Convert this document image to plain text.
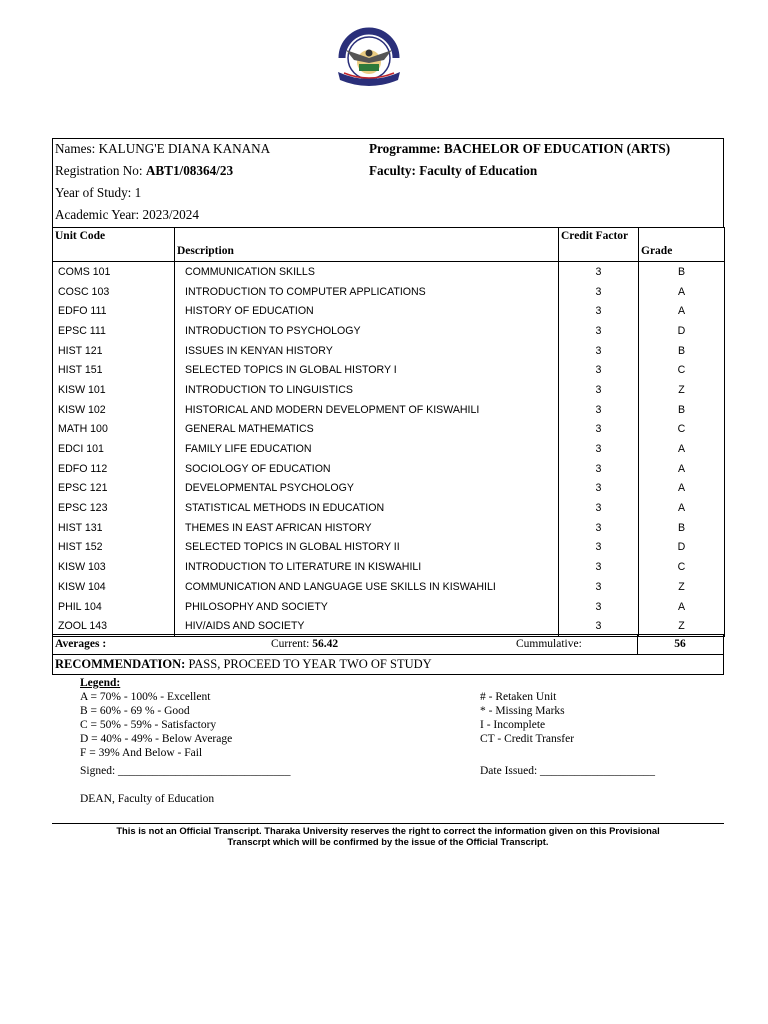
Names: KALUNG'E DIANA KANANA
Registration No: ABT1/08364/23
Year of Study: 1
Academic Year: 2023/2024
Programme: BACHELOR OF EDUCATION (ARTS)
Faculty: Faculty of Education
Unit Code	Description	Credit Factor	Grade

COMS 101	COMMUNICATION SKILLS	3	B
COSC 103	INTRODUCTION TO COMPUTER APPLICATIONS	3	A
EDFO 111	HISTORY OF EDUCATION	3	A
EPSC 111	INTRODUCTION TO PSYCHOLOGY	3	D
HIST 121	ISSUES IN KENYAN HISTORY	3	B
HIST 151	SELECTED TOPICS IN GLOBAL HISTORY I	3	C
KISW 101	INTRODUCTION TO LINGUISTICS	3	Z
KISW 102	HISTORICAL AND MODERN DEVELOPMENT OF KISWAHILI	3	B
MATH 100	GENERAL MATHEMATICS	3	C
EDCI 101	FAMILY LIFE EDUCATION	3	A
EDFO 112	SOCIOLOGY OF EDUCATION	3	A
EPSC 121	DEVELOPMENTAL PSYCHOLOGY	3	A
EPSC 123	STATISTICAL METHODS IN EDUCATION	3	A
HIST 131	THEMES IN EAST AFRICAN HISTORY	3	B
HIST 152	SELECTED TOPICS IN GLOBAL HISTORY II	3	D
KISW 103	INTRODUCTION TO LITERATURE IN KISWAHILI	3	C
KISW 104	COMMUNICATION AND LANGUAGE USE SKILLS IN KISWAHILI	3	Z
PHIL 104	PHILOSOPHY AND SOCIETY	3	A
ZOOL 143	HIV/AIDS AND SOCIETY	3	Z
Averages :	Current: 56.42	Cummulative:	56
RECOMMENDATION: PASS, PROCEED TO YEAR TWO OF STUDY
Legend:
A = 70% - 100% - Excellent
B = 60% - 69 % - Good
C = 50% - 59% - Satisfactory
D = 40% - 49% - Below Average
F = 39% And Below - Fail
# - Retaken Unit
* - Missing Marks
I - Incomplete
CT - Credit Transfer
Signed: ______________________________	Date Issued: ____________________
DEAN, Faculty of Education
This is not an Official Transcript. Tharaka University reserves the right to correct the information given on this Provisional
Transcrpt which will be confirmed by the issue of the Official Transcript.
